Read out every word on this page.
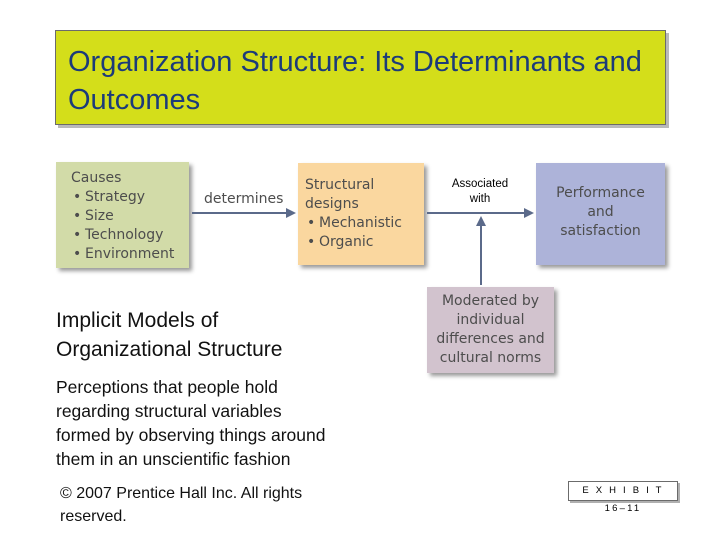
Organization Structure: Its Determinants and Outcomes
Causes
• Strategy
• Size
• Technology
• Environment
determines
Structural designs
• Mechanistic
• Organic
Associated
with	Performance
and
satisfaction
Moderated by
individual
differences and
cultural norms
Implicit Models of Organizational Structure
Perceptions that people hold regarding structural variables formed by observing things around them in an unscientific fashion
© 2007 Prentice Hall Inc. All rights reserved.
E X H I B I T 16–11
